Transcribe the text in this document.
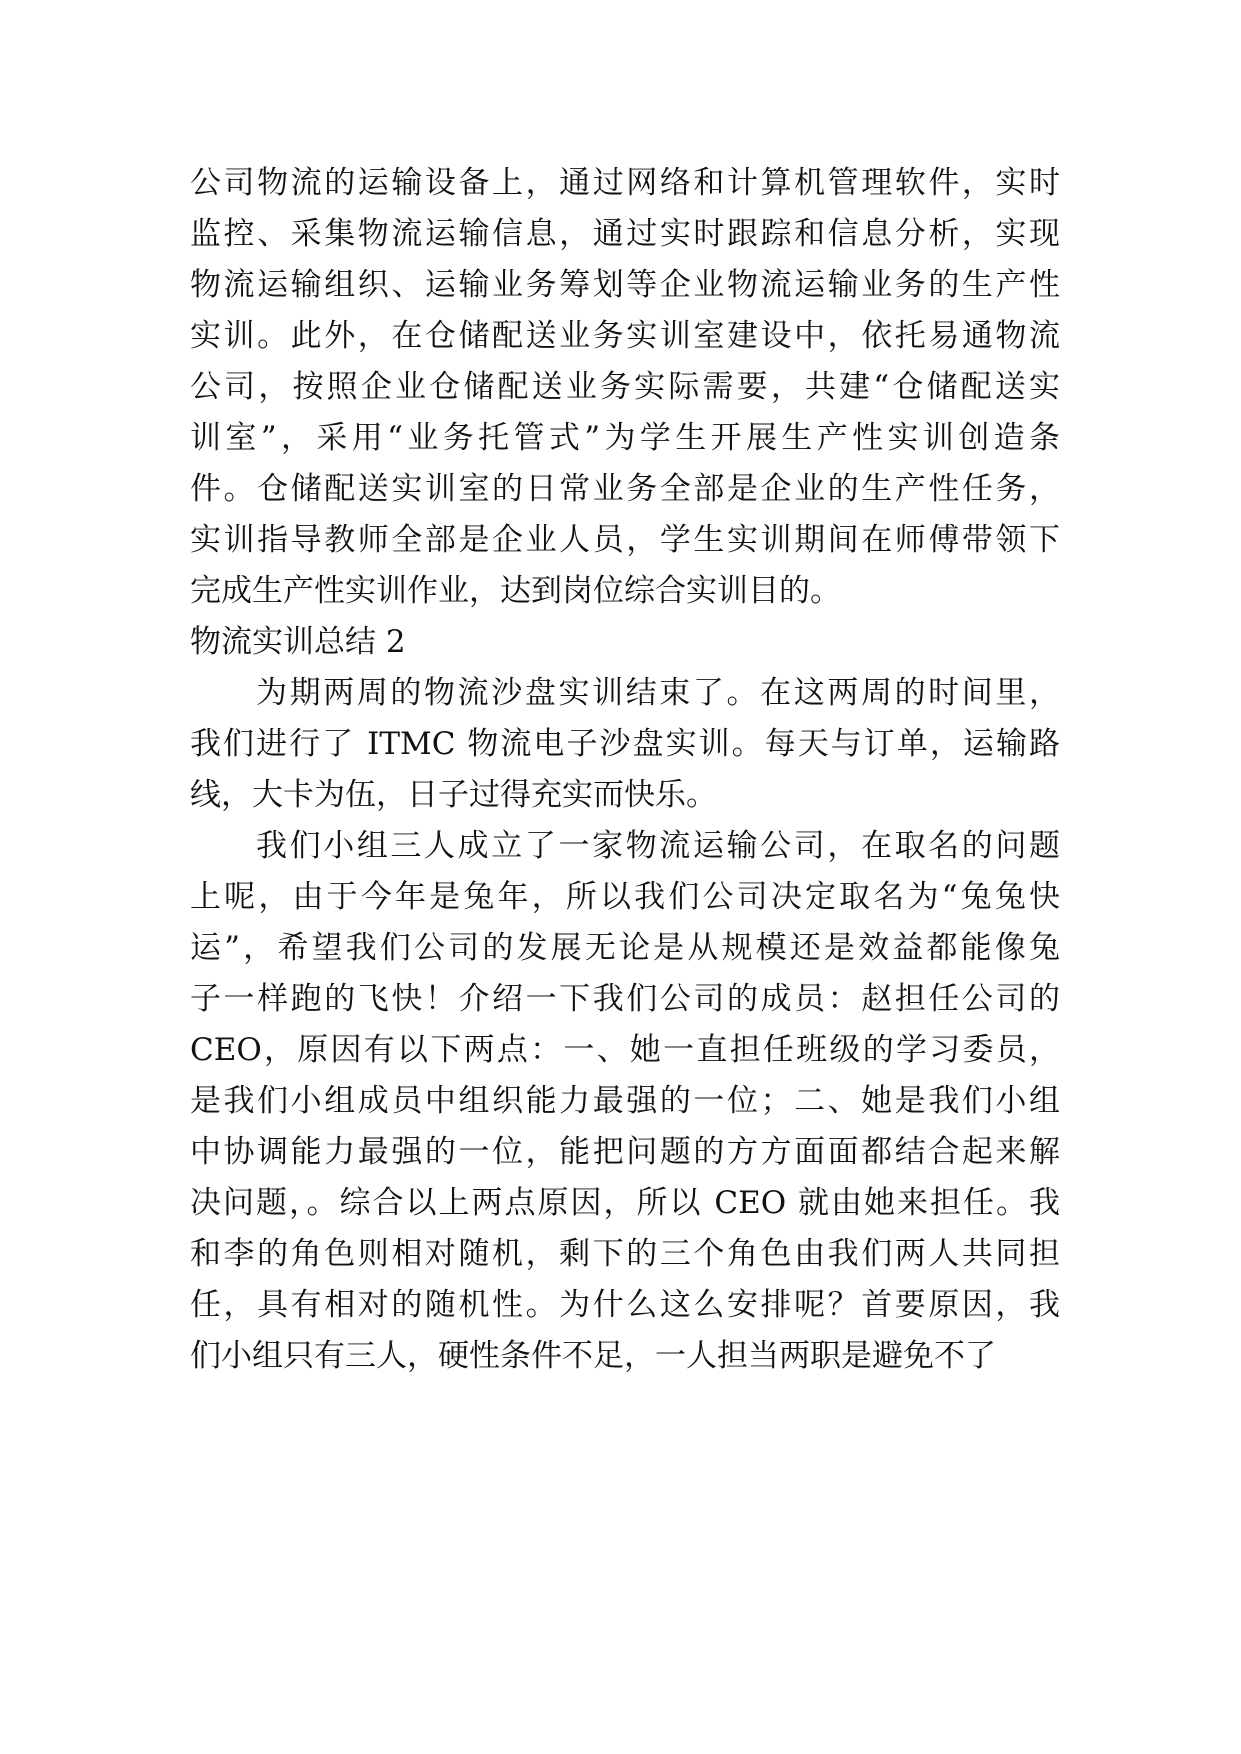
公司物流的运输设备上，通过网络和计算机管理软件，实时
监控、采集物流运输信息，通过实时跟踪和信息分析，实现
物流运输组织、运输业务筹划等企业物流运输业务的生产性
实训。此外，在仓储配送业务实训室建设中，依托易通物流
公司，按照企业仓储配送业务实际需要，共建“仓储配送实
训室”，采用“业务托管式”为学生开展生产性实训创造条
件。仓储配送实训室的日常业务全部是企业的生产性任务，
实训指导教师全部是企业人员，学生实训期间在师傅带领下
完成生产性实训作业，达到岗位综合实训目的。
物流实训总结 2
为期两周的物流沙盘实训结束了。在这两周的时间里，
我们进行了 ITMC 物流电子沙盘实训。每天与订单，运输路
线，大卡为伍，日子过得充实而快乐。
我们小组三人成立了一家物流运输公司，在取名的问题
上呢，由于今年是兔年，所以我们公司决定取名为“兔兔快
运”，希望我们公司的发展无论是从规模还是效益都能像兔
子一样跑的飞快！介绍一下我们公司的成员：赵担任公司的
CEO，原因有以下两点：一、她一直担任班级的学习委员，
是我们小组成员中组织能力最强的一位；二、她是我们小组
中协调能力最强的一位，能把问题的方方面面都结合起来解
决问题，。综合以上两点原因，所以 CEO 就由她来担任。我
和李的角色则相对随机，剩下的三个角色由我们两人共同担
任，具有相对的随机性。为什么这么安排呢？首要原因，我
们小组只有三人，硬性条件不足，一人担当两职是避免不了
